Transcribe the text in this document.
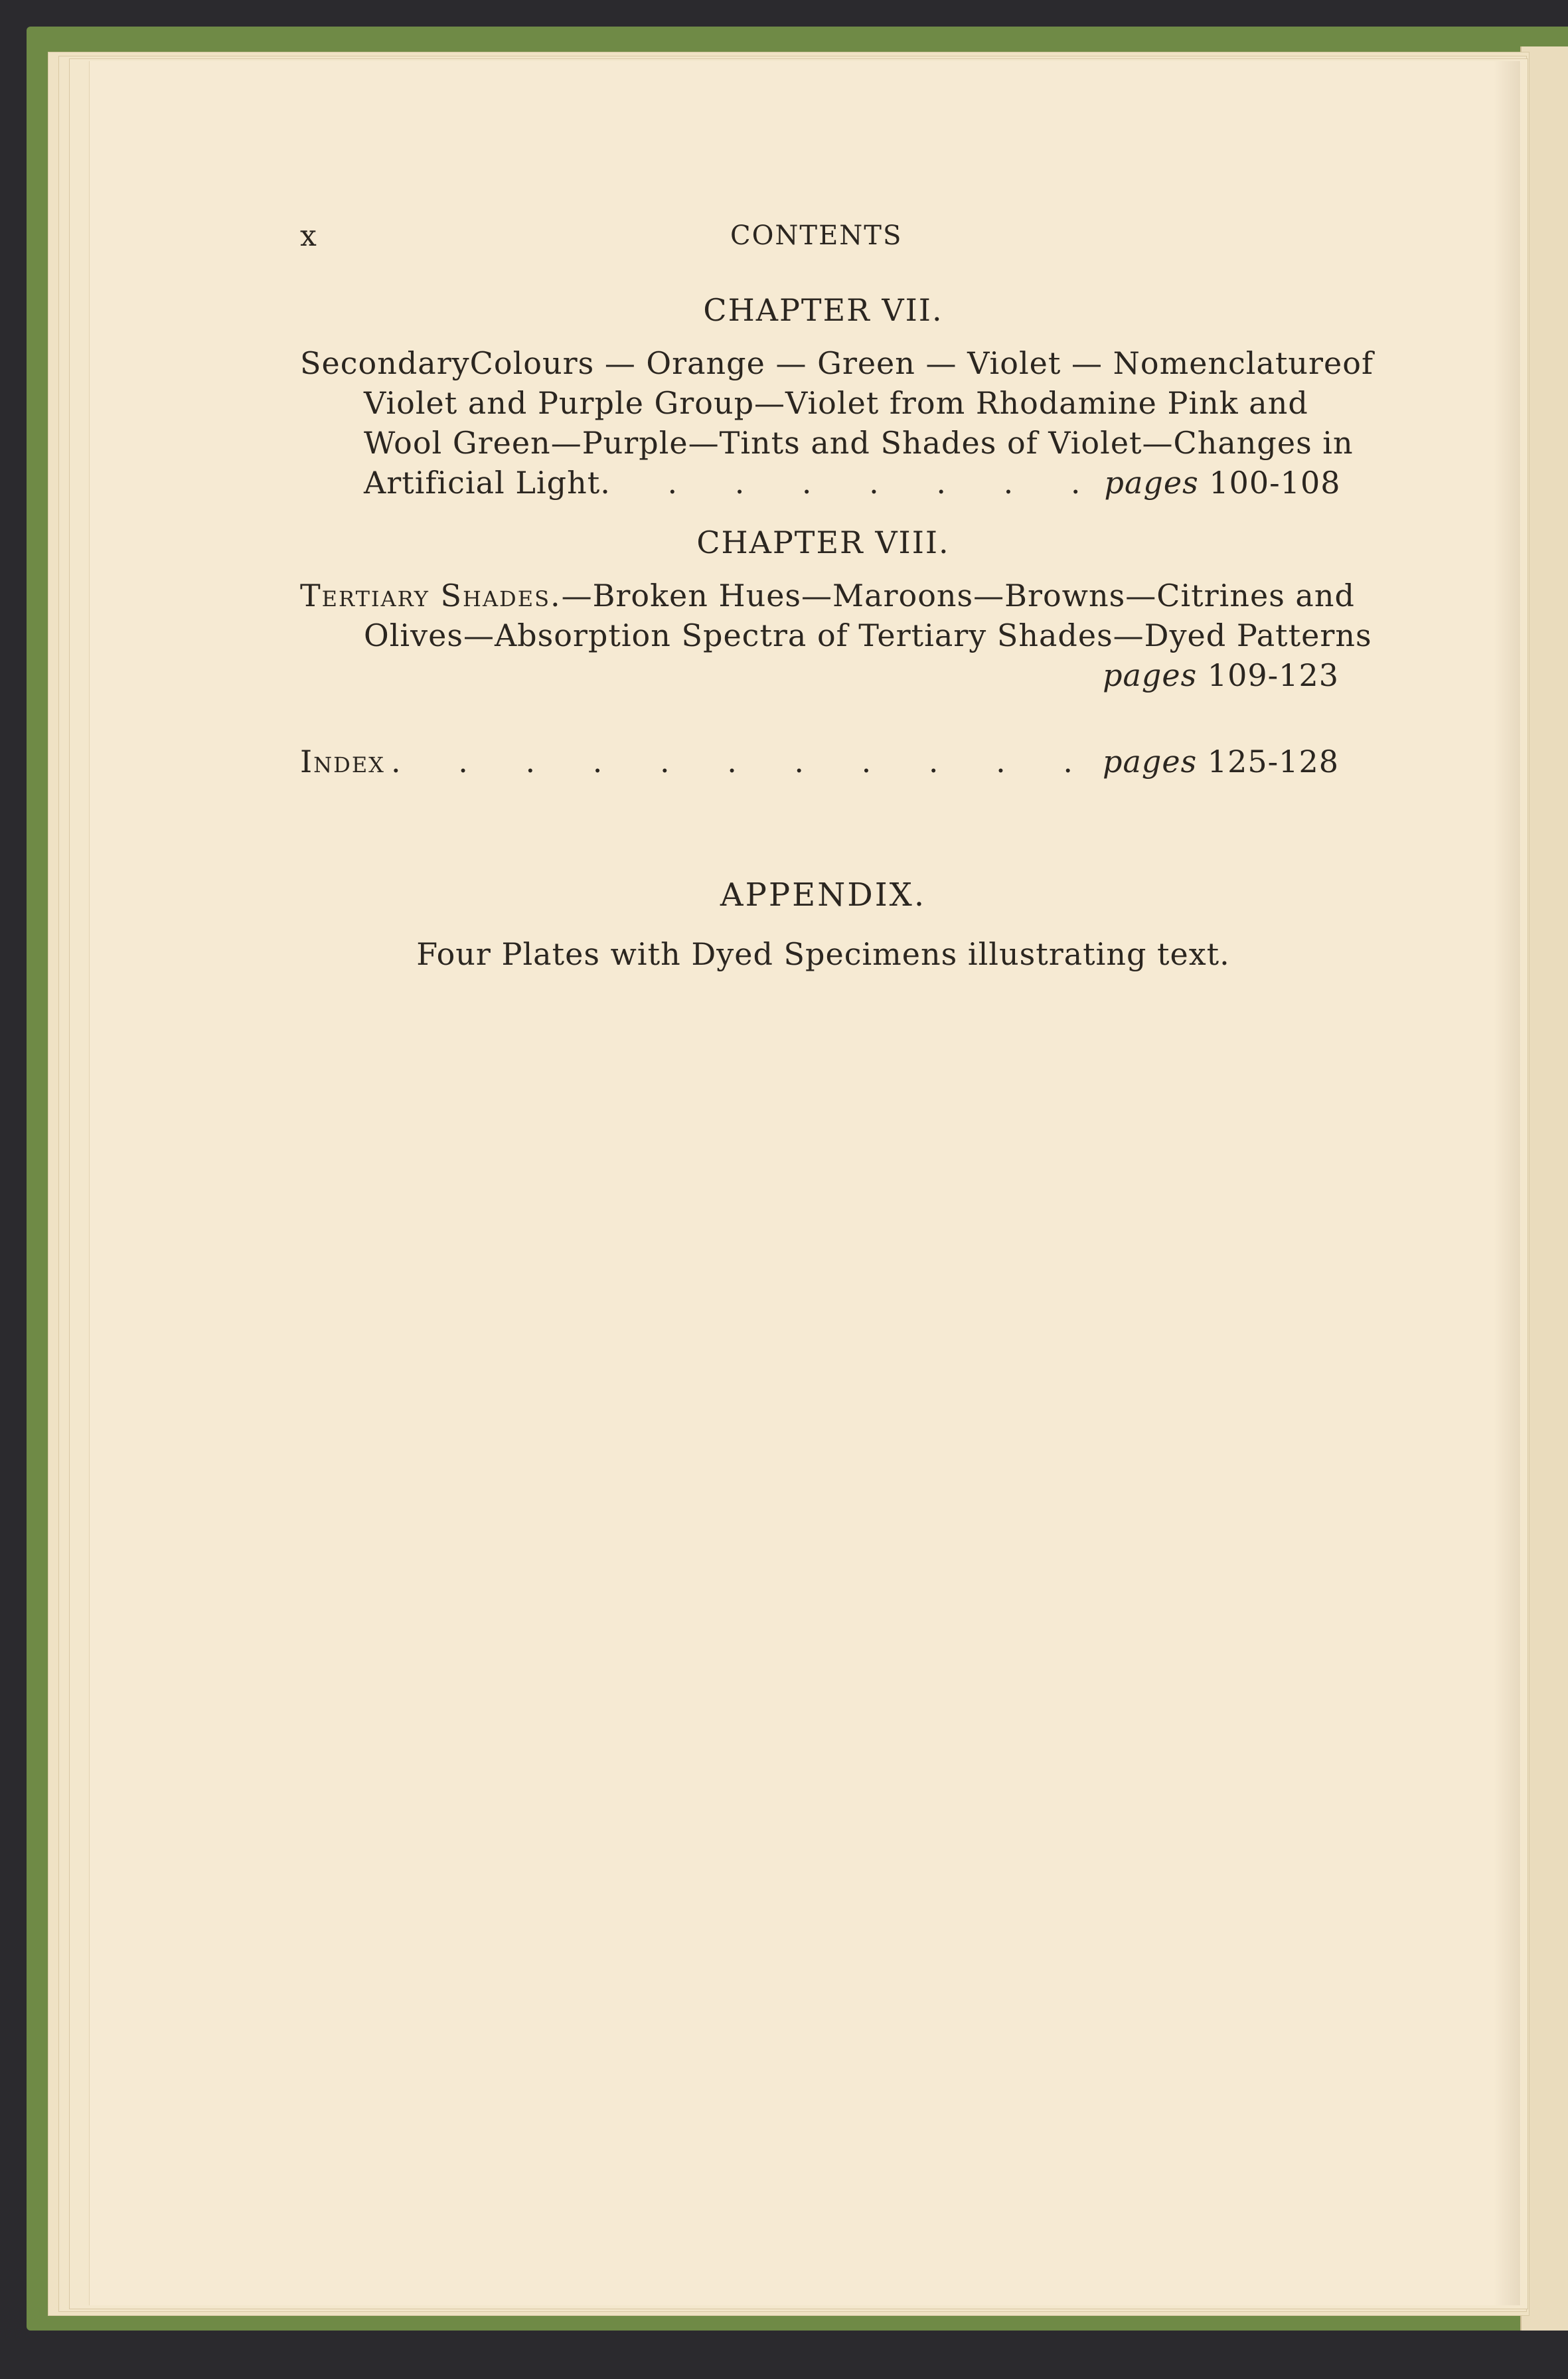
x	CONTENTS
CHAPTER VII.
Secondary Colours — Orange — Green — Violet — Nomenclature of
Violet and Purple Group—Violet from Rhodamine Pink and
Wool Green—Purple—Tints and Shades of Violet—Changes in
Artificial Light . . . . . . . . pages 100-108
CHAPTER VIII.
Tertiary Shades. —Broken Hues—Maroons—Browns—Citrines and
Olives—Absorption Spectra of Tertiary Shades—Dyed Patterns
pages 109-123
Index . . . . . . . . . . . pages 125-128
APPENDIX.
Four Plates with Dyed Specimens illustrating text.
